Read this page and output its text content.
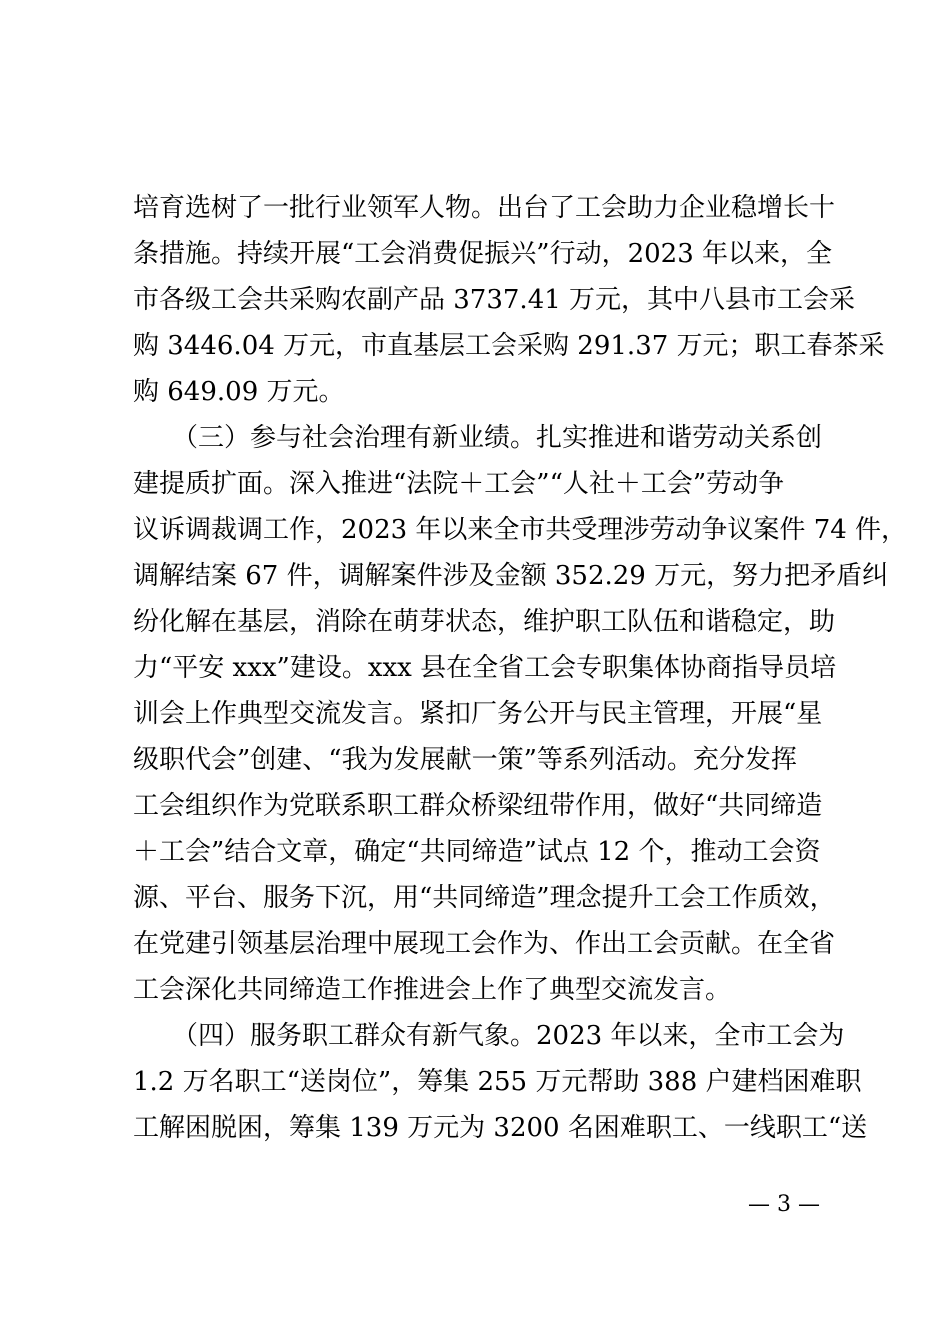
培育选树了一批行业领军人物。出台了工会助力企业稳增长十
条措施。持续开展“工会消费促振兴”行动，2023 年以来，全
市各级工会共采购农副产品 3737.41 万元，其中八县市工会采
购 3446.04 万元，市直基层工会采购 291.37 万元；职工春茶采
购 649.09 万元。
　　（三）参与社会治理有新业绩。扎实推进和谐劳动关系创
建提质扩面。深入推进“法院＋工会”“人社＋工会”劳动争
议诉调裁调工作，2023 年以来全市共受理涉劳动争议案件 74 件，
调解结案 67 件，调解案件涉及金额 352.29 万元，努力把矛盾纠
纷化解在基层，消除在萌芽状态，维护职工队伍和谐稳定，助
力“平安 xxx”建设。xxx 县在全省工会专职集体协商指导员培
训会上作典型交流发言。紧扣厂务公开与民主管理，开展“星
级职代会”创建、“我为发展献一策”等系列活动。充分发挥
工会组织作为党联系职工群众桥梁纽带作用，做好“共同缔造
＋工会”结合文章，确定“共同缔造”试点 12 个，推动工会资
源、平台、服务下沉，用“共同缔造”理念提升工会工作质效，
在党建引领基层治理中展现工会作为、作出工会贡献。在全省
工会深化共同缔造工作推进会上作了典型交流发言。
　　（四）服务职工群众有新气象。2023 年以来，全市工会为
1.2 万名职工“送岗位”，筹集 255 万元帮助 388 户建档困难职
工解困脱困，筹集 139 万元为 3200 名困难职工、一线职工“送
— 3 —
